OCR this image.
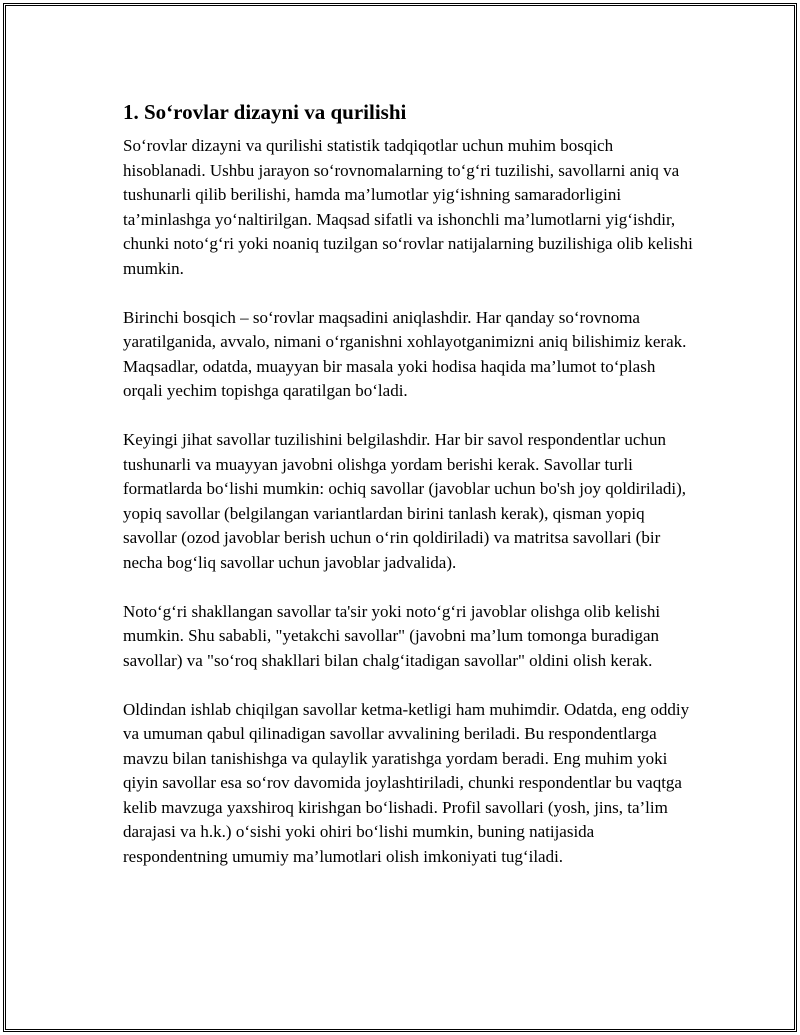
1. So‘rovlar dizayni va qurilishi

So‘rovlar dizayni va qurilishi statistik tadqiqotlar uchun muhim bosqich hisoblanadi. Ushbu jarayon so‘rovnomalarning to‘g‘ri tuzilishi, savollarni aniq va tushunarli qilib berilishi, hamda ma’lumotlar yig‘ishning samaradorligini ta’minlashga yo‘naltirilgan. Maqsad sifatli va ishonchli ma’lumotlarni yig‘ishdir, chunki noto‘g‘ri yoki noaniq tuzilgan so‘rovlar natijalarning buzilishiga olib kelishi mumkin.

Birinchi bosqich – so‘rovlar maqsadini aniqlashdir. Har qanday so‘rovnoma yaratilganida, avvalo, nimani o‘rganishni xohlayotganimizni aniq bilishimiz kerak. Maqsadlar, odatda, muayyan bir masala yoki hodisa haqida ma’lumot to‘plash orqali yechim topishga qaratilgan bo‘ladi.

Keyingi jihat savollar tuzilishini belgilashdir. Har bir savol respondentlar uchun tushunarli va muayyan javobni olishga yordam berishi kerak. Savollar turli formatlarda bo‘lishi mumkin: ochiq savollar (javoblar uchun bo'sh joy qoldiriladi), yopiq savollar (belgilangan variantlardan birini tanlash kerak), qisman yopiq savollar (ozod javoblar berish uchun o‘rin qoldiriladi) va matritsa savollari (bir necha bog‘liq savollar uchun javoblar jadvalida).

Noto‘g‘ri shakllangan savollar ta'sir yoki noto‘g‘ri javoblar olishga olib kelishi mumkin. Shu sababli, "yetakchi savollar" (javobni ma’lum tomonga buradigan savollar) va "so‘roq shakllari bilan chalg‘itadigan savollar" oldini olish kerak.

Oldindan ishlab chiqilgan savollar ketma-ketligi ham muhimdir. Odatda, eng oddiy va umuman qabul qilinadigan savollar avvalining beriladi. Bu respondentlarga mavzu bilan tanishishga va qulaylik yaratishga yordam beradi. Eng muhim yoki qiyin savollar esa so‘rov davomida joylashtiriladi, chunki respondentlar bu vaqtga kelib mavzuga yaxshiroq kirishgan bo‘lishadi. Profil savollari (yosh, jins, ta’lim darajasi va h.k.) o‘sishi yoki ohiri bo‘lishi mumkin, buning natijasida respondentning umumiy ma’lumotlari olish imkoniyati tug‘iladi.
